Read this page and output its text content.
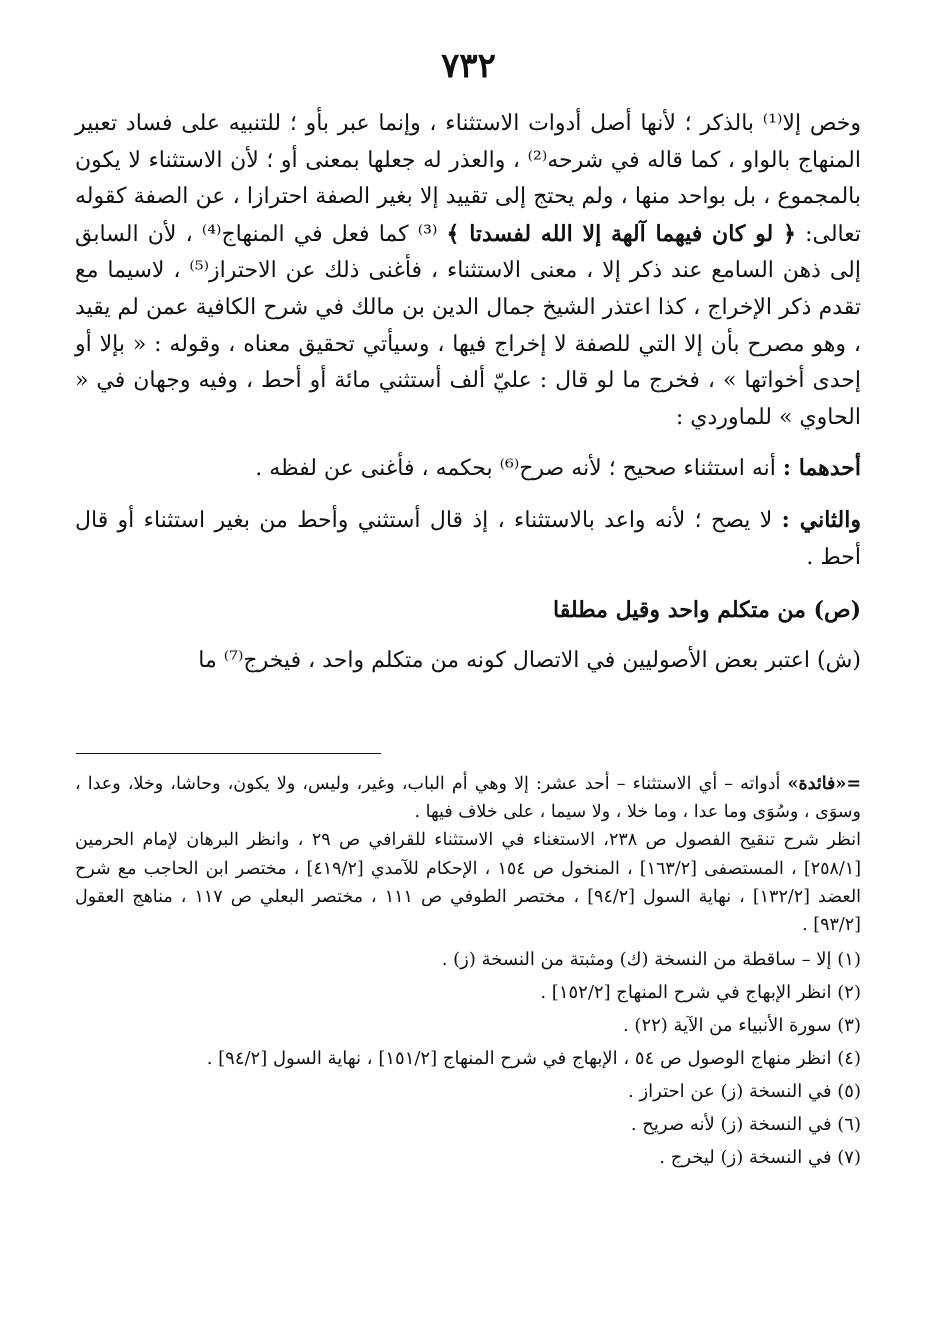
٧٣٢

وخص إلا⁽¹⁾ بالذكر ؛ لأنها أصل أدوات الاستثناء ، وإنما عبر بأو ؛ للتنبيه على فساد تعبير المنهاج بالواو ، كما قاله في شرحه⁽²⁾ ، والعذر له جعلها بمعنى أو ؛ لأن الاستثناء لا يكون بالمجموع ، بل بواحد منها ، ولم يحتج إلى تقييد إلا بغير الصفة احترازا ، عن الصفة كقوله تعالى: ﴿ لو كان فيهما آلهة إلا الله لفسدتا ﴾ ⁽³⁾ كما فعل في المنهاج⁽⁴⁾ ، لأن السابق إلى ذهن السامع عند ذكر إلا ، معنى الاستثناء ، فأغنى ذلك عن الاحتراز⁽⁵⁾ ، لاسيما مع تقدم ذكر الإخراج ، كذا اعتذر الشيخ جمال الدين بن مالك في شرح الكافية عمن لم يقيد ، وهو مصرح بأن إلا التي للصفة لا إخراج فيها ، وسيأتي تحقيق معناه ، وقوله : « بإلا أو إحدى أخواتها » ، فخرج ما لو قال : عليّ ألف أستثني مائة أو أحط ، وفيه وجهان في « الحاوي » للماوردي :

أحدهما : أنه استثناء صحيح ؛ لأنه صرح⁽⁶⁾ بحكمه ، فأغنى عن لفظه .

والثاني : لا يصح ؛ لأنه واعد بالاستثناء ، إذ قال أستثني وأحط من بغير استثناء أو قال أحط .

(ص) من متكلم واحد وقيل مطلقا

(ش) اعتبر بعض الأصوليين في الاتصال كونه من متكلم واحد ، فيخرج⁽⁷⁾ ما

=«فائدة» أدواته – أي الاستثناء – أحد عشر: إلا وهي أم الباب، وغير، وليس، ولا يكون، وحاشا، وخلا، وعدا ، وسوَى ، وسُوَى وما عدا ، وما خلا ، ولا سيما ، على خلاف فيها .

انظر شرح تنقيح الفصول ص ٢٣٨، الاستغناء في الاستثناء للقرافي ص ٢٩ ، وانظر البرهان لإمام الحرمين [٢٥٨/١] ، المستصفى [١٦٣/٢] ، المنخول ص ١٥٤ ، الإحكام للآمدي [٤١٩/٢] ، مختصر ابن الحاجب مع شرح العضد [١٣٢/٢] ، نهاية السول [٩٤/٢] ، مختصر الطوفي ص ١١١ ، مختصر البعلي ص ١١٧ ، مناهج العقول [٩٣/٢] .

(١) إلا – ساقطة من النسخة (ك) ومثبتة من النسخة (ز) .

(٢) انظر الإبهاج في شرح المنهاج [١٥٢/٢] .

(٣) سورة الأنبياء من الآية (٢٢) .

(٤) انظر منهاج الوصول ص ٥٤ ، الإبهاج في شرح المنهاج [١٥١/٢] ، نهاية السول [٩٤/٢] .

(٥) في النسخة (ز) عن احتراز .

(٦) في النسخة (ز) لأنه صريح .

(٧) في النسخة (ز) ليخرج .
